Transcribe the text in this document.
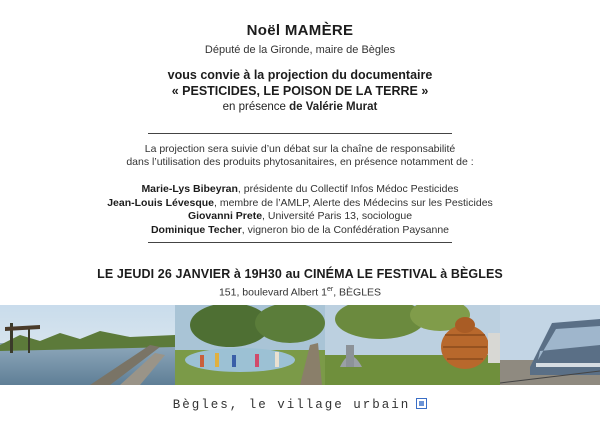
Noël MAMÈRE
Député de la Gironde, maire de Bègles
vous convie à la projection du documentaire
« PESTICIDES, LE POISON DE LA TERRE »
en présence de Valérie Murat
La projection sera suivie d’un débat sur la chaîne de responsabilité
dans l’utilisation des produits phytosanitaires, en présence notamment de :
Marie-Lys Bibeyran, présidente du Collectif Infos Médoc Pesticides
Jean-Louis Lévesque, membre de l’AMLP, Alerte des Médecins sur les Pesticides
Giovanni Prete, Université Paris 13, sociologue
Dominique Techer, vigneron bio de la Confédération Paysanne
LE JEUDI 26 JANVIER à 19H30 au CINÉMA LE FESTIVAL à BÈGLES
151, boulevard Albert 1er, BÈGLES
Bègles, le village urbain
